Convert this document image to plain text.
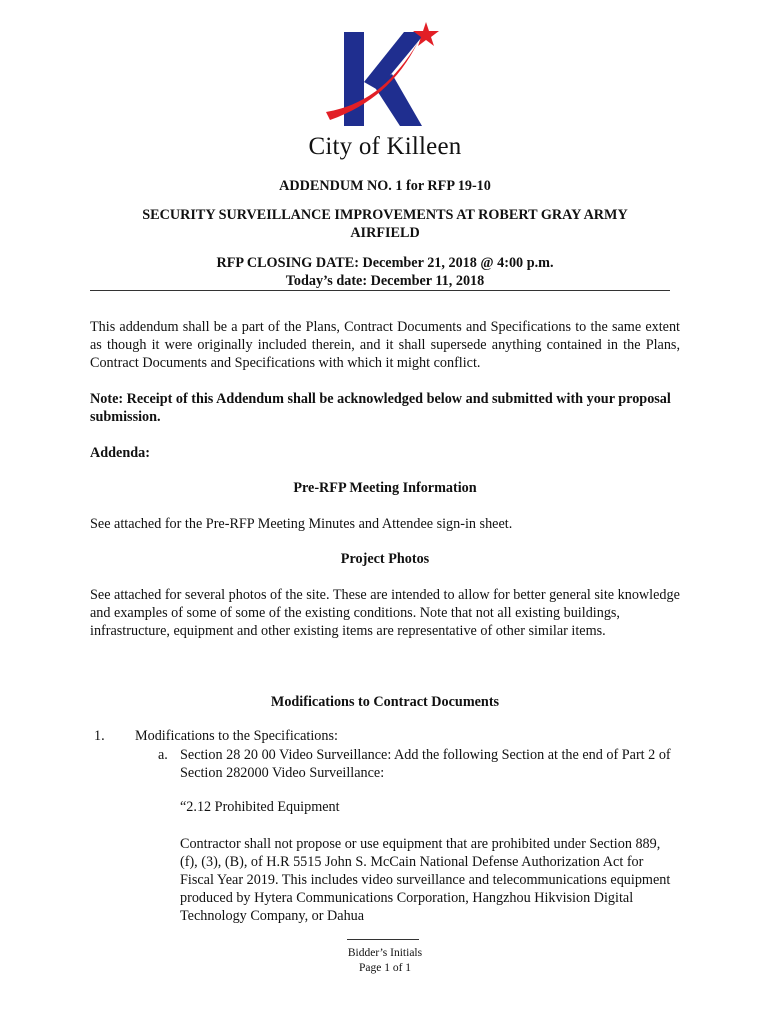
City of Killeen
ADDENDUM NO. 1 for RFP 19-10
SECURITY SURVEILLANCE IMPROVEMENTS AT ROBERT GRAY ARMY
AIRFIELD
RFP CLOSING DATE: December 21, 2018 @ 4:00 p.m.
Today’s date: December 11, 2018
This addendum shall be a part of the Plans, Contract Documents and Specifications to the same extent as though it were originally included therein, and it shall supersede anything contained in the Plans, Contract Documents and Specifications with which it might conflict.
Note: Receipt of this Addendum shall be acknowledged below and submitted with your proposal submission.
Addenda:
Pre-RFP Meeting Information
See attached for the Pre-RFP Meeting Minutes and Attendee sign-in sheet.
Project Photos
See attached for several photos of the site. These are intended to allow for better general site knowledge and examples of some of some of the existing conditions. Note that not all existing buildings, infrastructure, equipment and other existing items are representative of other similar items.
Modifications to Contract Documents
1. Modifications to the Specifications:
a. Section 28 20 00 Video Surveillance: Add the following Section at the end of Part 2 of Section 282000 Video Surveillance:
“2.12 Prohibited Equipment
Contractor shall not propose or use equipment that are prohibited under Section 889, (f), (3), (B), of H.R 5515 John S. McCain National Defense Authorization Act for Fiscal Year 2019. This includes video surveillance and telecommunications equipment produced by Hytera Communications Corporation, Hangzhou Hikvision Digital Technology Company, or Dahua
Bidder’s Initials
Page 1 of 1
